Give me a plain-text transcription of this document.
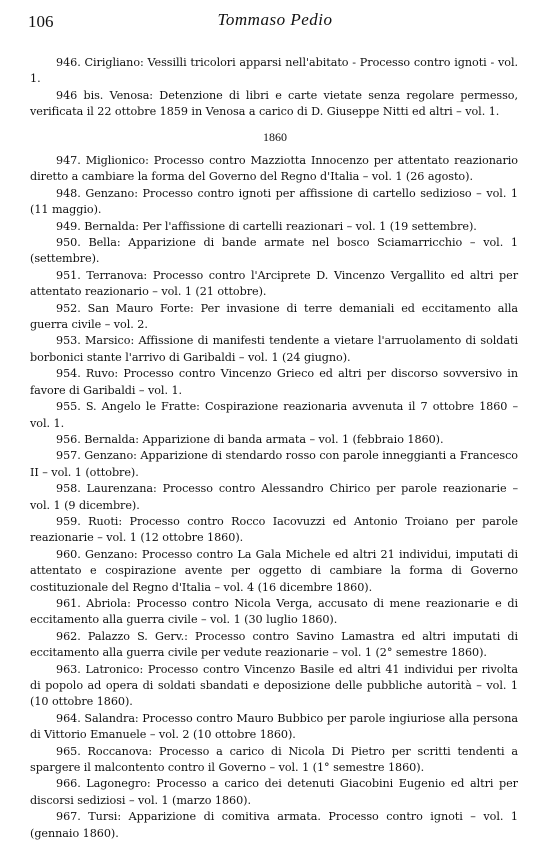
106	Tommaso Pedio

946. Cirigliano: Vessilli tricolori apparsi nell'abitato - Processo contro ignoti - vol. 1.

946 bis. Venosa: Detenzione di libri e carte vietate senza regolare permesso, verificata il 22 ottobre 1859 in Venosa a carico di D. Giuseppe Nitti ed altri – vol. 1.

1860

947. Miglionico: Processo contro Mazziotta Innocenzo per attentato reazionario diretto a cambiare la forma del Governo del Regno d'Italia – vol. 1 (26 agosto).

948. Genzano: Processo contro ignoti per affissione di cartello sedizioso – vol. 1 (11 maggio).

949. Bernalda: Per l'affissione di cartelli reazionari – vol. 1 (19 settembre).

950. Bella: Apparizione di bande armate nel bosco Sciamarricchio – vol. 1 (settembre).

951. Terranova: Processo contro l'Arciprete D. Vincenzo Vergallito ed altri per attentato reazionario – vol. 1 (21 ottobre).

952. San Mauro Forte: Per invasione di terre demaniali ed eccitamento alla guerra civile – vol. 2.

953. Marsico: Affissione di manifesti tendente a vietare l'arruolamento di soldati borbonici stante l'arrivo di Garibaldi – vol. 1 (24 giugno).

954. Ruvo: Processo contro Vincenzo Grieco ed altri per discorso sovversivo in favore di Garibaldi – vol. 1.

955. S. Angelo le Fratte: Cospirazione reazionaria avvenuta il 7 ottobre 1860 – vol. 1.

956. Bernalda: Apparizione di banda armata – vol. 1 (febbraio 1860).

957. Genzano: Apparizione di stendardo rosso con parole inneggianti a Francesco II – vol. 1 (ottobre).

958. Laurenzana: Processo contro Alessandro Chirico per parole reazionarie – vol. 1 (9 dicembre).

959. Ruoti: Processo contro Rocco Iacovuzzi ed Antonio Troiano per parole reazionarie – vol. 1 (12 ottobre 1860).

960. Genzano: Processo contro La Gala Michele ed altri 21 individui, imputati di attentato e cospirazione avente per oggetto di cambiare la forma di Governo costituzionale del Regno d'Italia – vol. 4 (16 dicembre 1860).

961. Abriola: Processo contro Nicola Verga, accusato di mene reazionarie e di eccitamento alla guerra civile – vol. 1 (30 luglio 1860).

962. Palazzo S. Gerv.: Processo contro Savino Lamastra ed altri imputati di eccitamento alla guerra civile per vedute reazionarie – vol. 1 (2° semestre 1860).

963. Latronico: Processo contro Vincenzo Basile ed altri 41 individui per rivolta di popolo ad opera di soldati sbandati e deposizione delle pubbliche autorità – vol. 1 (10 ottobre 1860).

964. Salandra: Processo contro Mauro Bubbico per parole ingiuriose alla persona di Vittorio Emanuele – vol. 2 (10 ottobre 1860).

965. Roccanova: Processo a carico di Nicola Di Pietro per scritti tendenti a spargere il malcontento contro il Governo – vol. 1 (1° semestre 1860).

966. Lagonegro: Processo a carico dei detenuti Giacobini Eugenio ed altri per discorsi sediziosi – vol. 1 (marzo 1860).

967. Tursi: Apparizione di comitiva armata. Processo contro ignoti – vol. 1 (gennaio 1860).
